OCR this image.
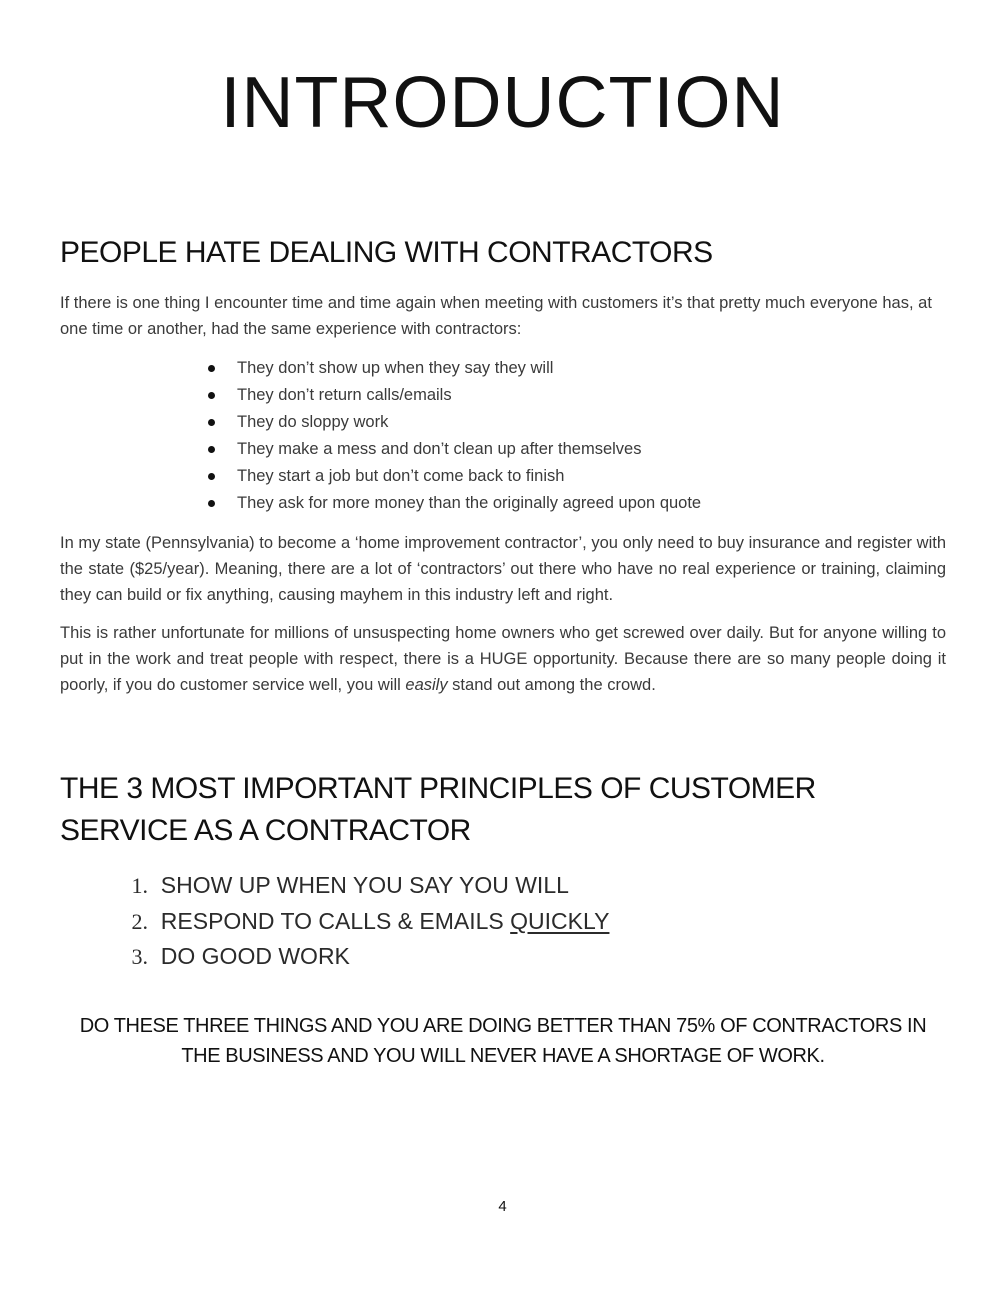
INTRODUCTION
PEOPLE HATE DEALING WITH CONTRACTORS

If there is one thing I encounter time and time again when meeting with customers it’s that pretty much everyone has, at one time or another, had the same experience with contractors:

They don’t show up when they say they will
They don’t return calls/emails
They do sloppy work
They make a mess and don’t clean up after themselves
They start a job but don’t come back to finish
They ask for more money than the originally agreed upon quote

In my state (Pennsylvania) to become a ‘home improvement contractor’, you only need to buy insurance and register with the state ($25/year). Meaning, there are a lot of ‘contractors’ out there who have no real experience or training, claiming they can build or fix anything, causing mayhem in this industry left and right.

This is rather unfortunate for millions of unsuspecting home owners who get screwed over daily. But for anyone willing to put in the work and treat people with respect, there is a HUGE opportunity. Because there are so many people doing it poorly, if you do customer service well, you will easily stand out among the crowd.

THE 3 MOST IMPORTANT PRINCIPLES OF CUSTOMER SERVICE AS A CONTRACTOR
1. SHOW UP WHEN YOU SAY YOU WILL
2. RESPOND TO CALLS & EMAILS QUICKLY
3. DO GOOD WORK

DO THESE THREE THINGS AND YOU ARE DOING BETTER THAN 75% OF CONTRACTORS IN THE BUSINESS AND YOU WILL NEVER HAVE A SHORTAGE OF WORK.

4
